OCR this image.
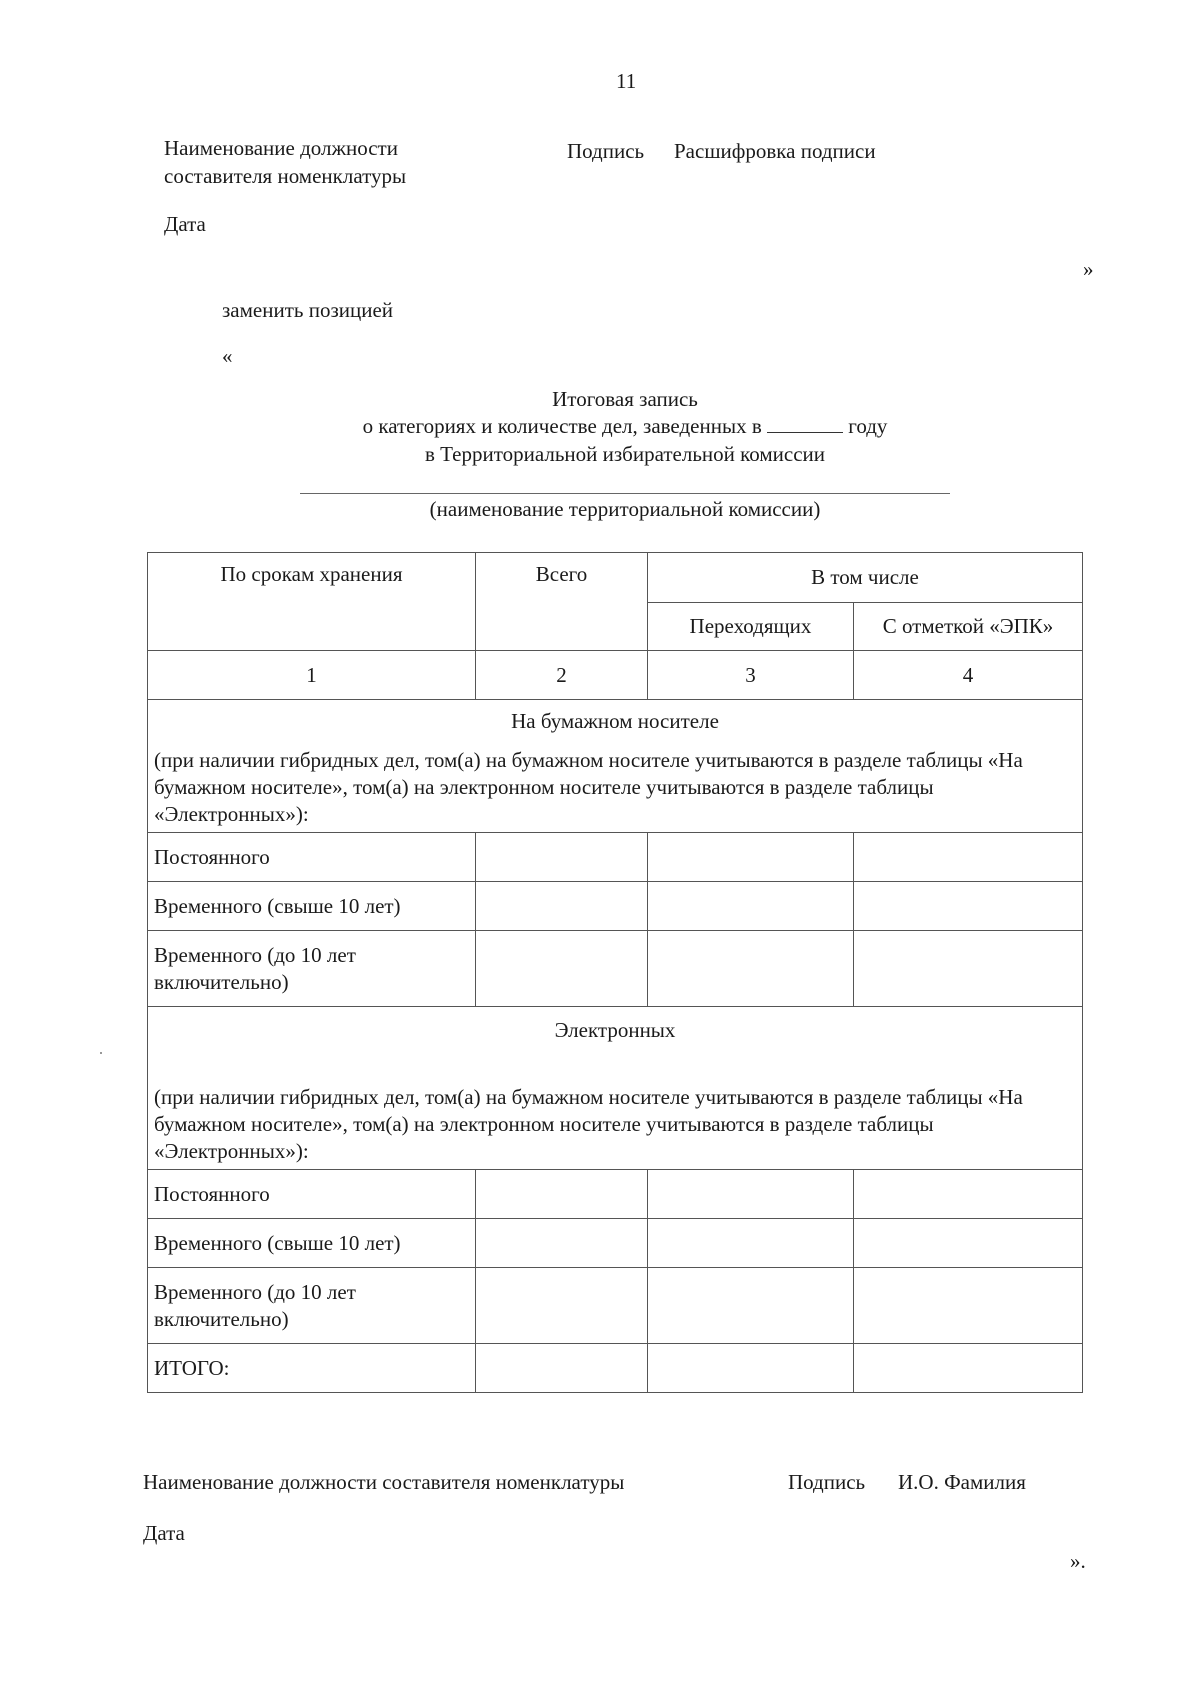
11
Наименование должности
составителя номенклатуры
Подпись Расшифровка подписи
Дата
»
заменить позицией
«
Итоговая запись
о категориях и количестве дел, заведенных в	году
в Территориальной избирательной комиссии
(наименование территориальной комиссии)
По срокам хранения	Всего	В том числе	
		Переходящих	С отметкой «ЭПК»
1	2	3	4

На бумажном носителе
(при наличии гибридных дел, том(а) на бумажном носителе учитываются в разделе таблицы «На бумажном носителе», том(а) на электронном носителе учитываются в разделе таблицы «Электронных»):			

Постоянного			
Временного (свыше 10 лет)			
Временного (до 10 лет включительно)			

Электронных
(при наличии гибридных дел, том(а) на бумажном носителе учитываются в разделе таблицы «На бумажном носителе», том(а) на электронном носителе учитываются в разделе таблицы «Электронных»):			

Постоянного			
Временного (свыше 10 лет)			
Временного (до 10 лет включительно)			
ИТОГО:			
Наименование должности составителя номенклатуры	Подпись И.О. Фамилия
Дата
».
